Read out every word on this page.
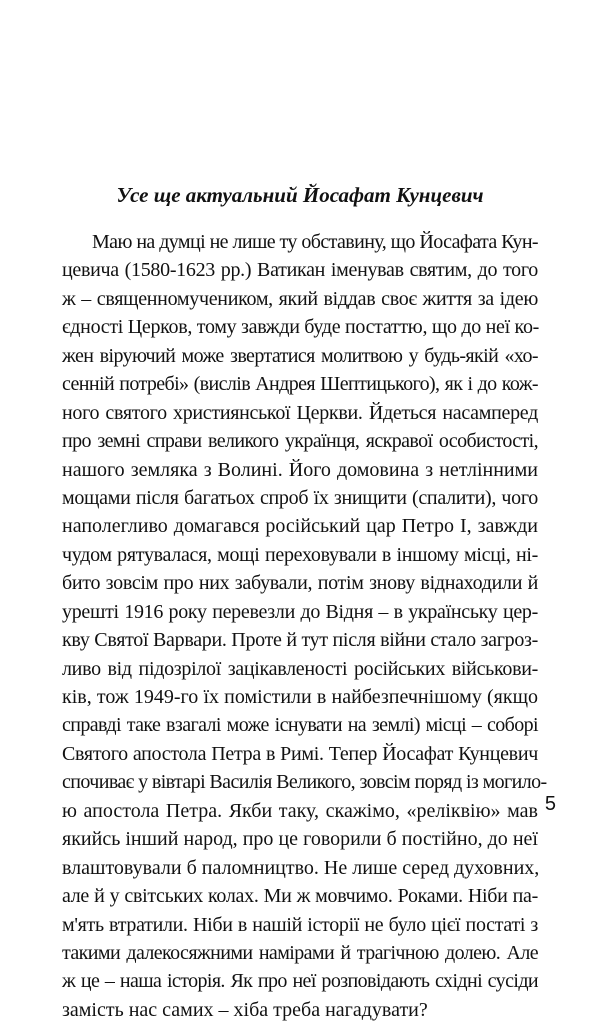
Усе ще актуальний Йосафат Кунцевич
Маю на думці не лише ту обставину, що Йосафата Кун-
цевича (1580-1623 рр.) Ватикан іменував святим, до того
ж – священномучеником, який віддав своє життя за ідею
єдності Церков, тому завжди буде постаттю, що до неї ко-
жен віруючий може звертатися молитвою у будь-якій «хо-
сенній потребі» (вислів Андрея Шептицького), як і до кож-
ного святого християнської Церкви. Йдеться насамперед
про земні справи великого українця, яскравої особистості,
нашого земляка з Волині. Його домовина з нетлінними
мощами після багатьох спроб їх знищити (спалити), чого
наполегливо домагався російський цар Петро І, завжди
чудом рятувалася, мощі переховували в іншому місці, ні-
бито зовсім про них забували, потім знову віднаходили й
урешті 1916 року перевезли до Відня – в українську цер-
кву Святої Варвари. Проте й тут після війни стало загроз-
ливо від підозрілої зацікавленості російських військови-
ків, тож 1949-го їх помістили в найбезпечнішому (якщо
справді таке взагалі може існувати на землі) місці – соборі
Святого апостола Петра в Римі. Тепер Йосафат Кунцевич
спочиває у вівтарі Василія Великого, зовсім поряд із могило-
ю апостола Петра. Якби таку, скажімо, «реліквію» мав
якийсь інший народ, про це говорили б постійно, до неї
влаштовували б паломництво. Не лише серед духовних,
але й у світських колах. Ми ж мовчимо. Роками. Ніби па-
м'ять втратили. Ніби в нашій історії не було цієї постаті з
такими далекосяжними намірами й трагічною долею. Але
ж це – наша історія. Як про неї розповідають східні сусіди
замість нас самих – хіба треба нагадувати?
5
